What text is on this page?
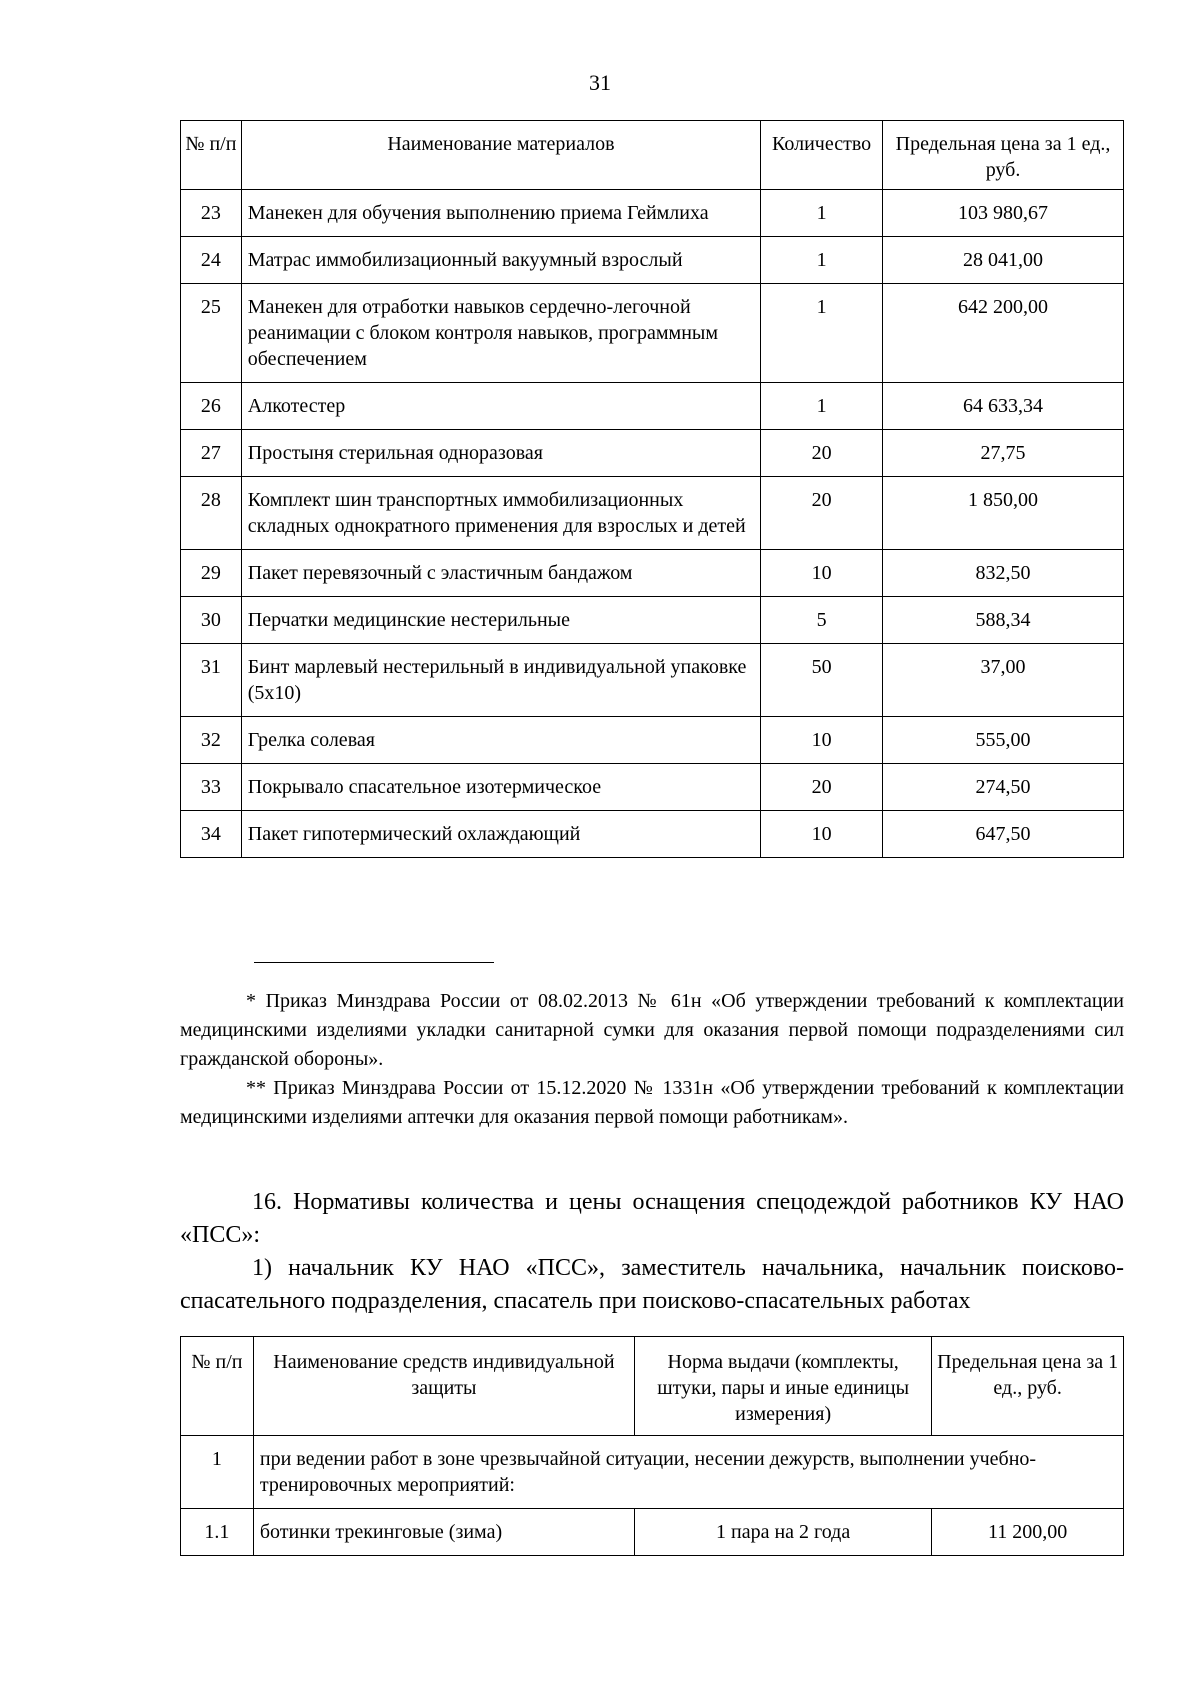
31
№ п/п	Наименование материалов	Количество	Предельная цена за 1 ед., руб.
23	Манекен для обучения выполнению приема Геймлиха	1	103 980,67
24	Матрас иммобилизационный вакуумный взрослый	1	28 041,00
25	Манекен для отработки навыков сердечно-легочной реанимации с блоком контроля навыков, программным обеспечением	1	642 200,00
26	Алкотестер	1	64 633,34
27	Простыня стерильная одноразовая	20	27,75
28	Комплект шин транспортных иммобилизационных складных однократного применения для взрослых и детей	20	1 850,00
29	Пакет перевязочный с эластичным бандажом	10	832,50
30	Перчатки медицинские нестерильные	5	588,34
31	Бинт марлевый нестерильный в индивидуальной упаковке (5х10)	50	37,00
32	Грелка солевая	10	555,00
33	Покрывало спасательное изотермическое	20	274,50
34	Пакет гипотермический охлаждающий	10	647,50

* Приказ Минздрава России от 08.02.2013 № 61н «Об утверждении требований к комплектации медицинскими изделиями укладки санитарной сумки для оказания первой помощи подразделениями сил гражданской обороны».

** Приказ Минздрава России от 15.12.2020 № 1331н «Об утверждении требований к комплектации медицинскими изделиями аптечки для оказания первой помощи работникам».

16. Нормативы количества и цены оснащения спецодеждой работников КУ НАО «ПСС»:

1) начальник КУ НАО «ПСС», заместитель начальника, начальник поисково-спасательного подразделения, спасатель при поисково-спасательных работах

№ п/п	Наименование средств индивидуальной защиты	Норма выдачи (комплекты, штуки, пары и иные единицы измерения)	Предельная цена за 1 ед., руб.
1	при ведении работ в зоне чрезвычайной ситуации, несении дежурств, выполнении учебно-тренировочных мероприятий:		
1.1	ботинки трекинговые (зима)	1 пара на 2 года	11 200,00
